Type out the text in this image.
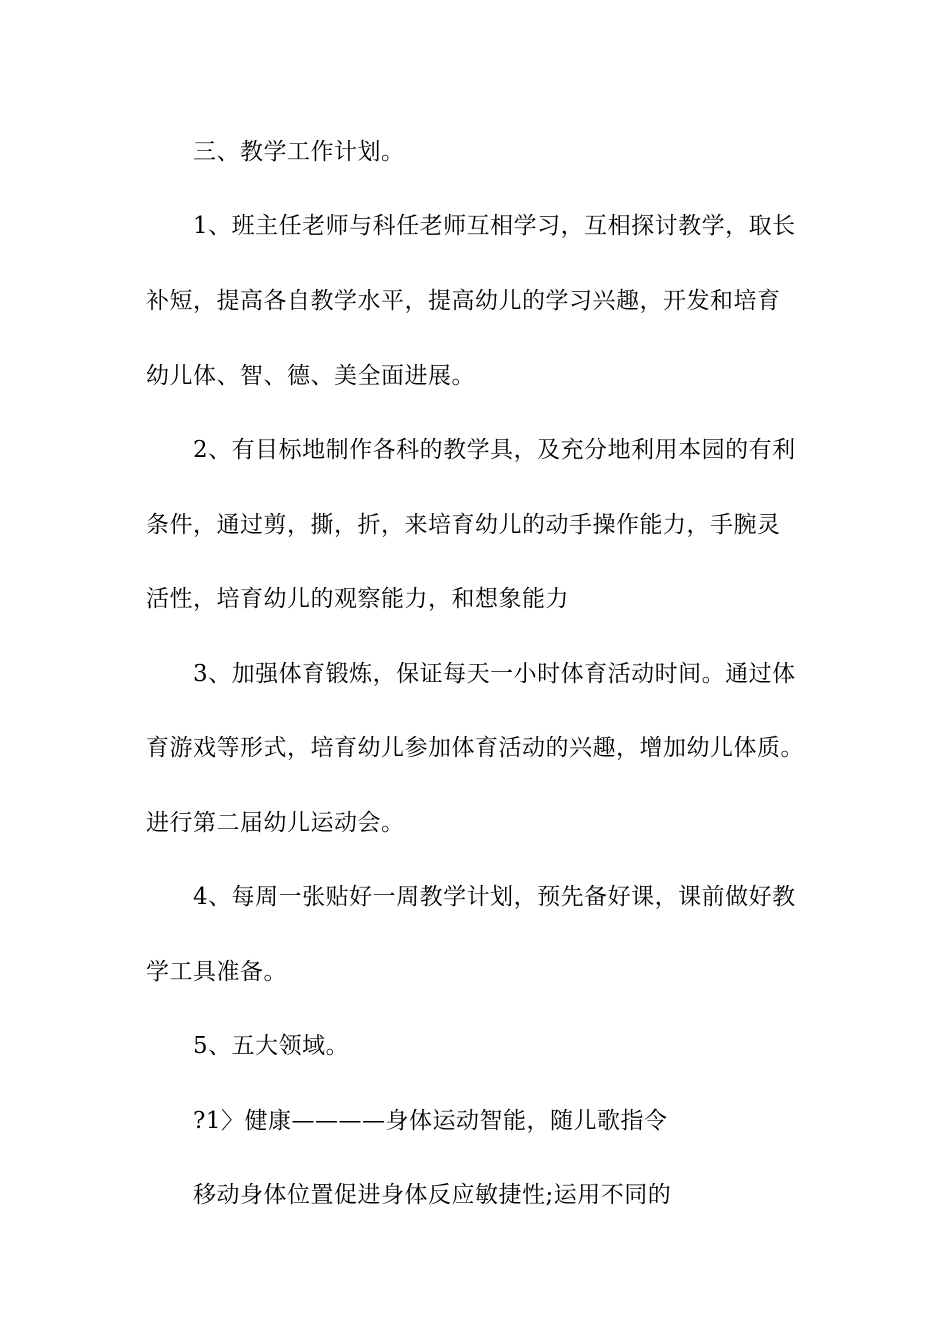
三、教学工作计划。
1、班主任老师与科任老师互相学习，互相探讨教学，取长
补短，提高各自教学水平，提高幼儿的学习兴趣，开发和培育
幼儿体、智、德、美全面进展。
2、有目标地制作各科的教学具，及充分地利用本园的有利
条件，通过剪，撕，折，来培育幼儿的动手操作能力，手腕灵
活性，培育幼儿的观察能力，和想象能力
3、加强体育锻炼，保证每天一小时体育活动时间。通过体
育游戏等形式，培育幼儿参加体育活动的兴趣，增加幼儿体质。
进行第二届幼儿运动会。
4、每周一张贴好一周教学计划，预先备好课，课前做好教
学工具准备。
5、五大领域。
?1〉健康————身体运动智能，随儿歌指令
移动身体位置促进身体反应敏捷性;运用不同的
